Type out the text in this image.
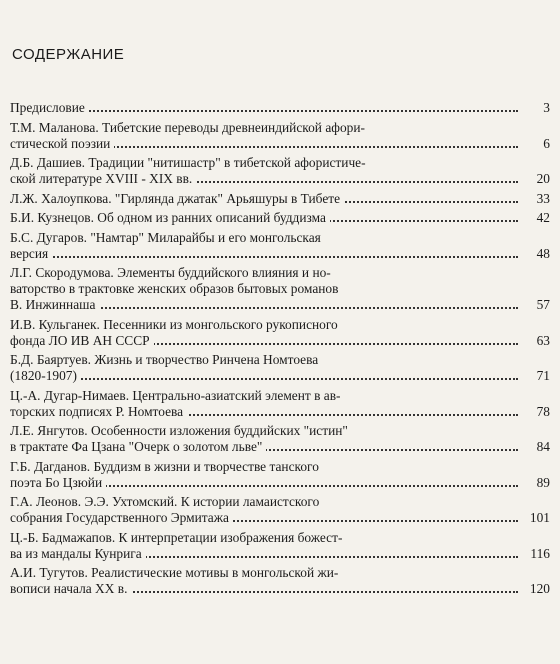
СОДЕРЖАНИЕ
Предисловие	3
Т.М. Маланова. Тибетские переводы древнеиндийской афори-
стической поэзии	6
Д.Б. Дашиев. Традиции "нитишастр" в тибетской афористиче-
ской литературе XVIII - XIX вв.	20
Л.Ж. Халоупкова. "Гирлянда джатак" Арьяшуры в Тибете	33
Б.И. Кузнецов. Об одном из ранних описаний буддизма	42
Б.С. Дугаров. "Намтар" Миларайбы и его монгольская
версия	48
Л.Г. Скородумова. Элементы буддийского влияния и но-
ваторство в трактовке женских образов бытовых романов
В. Инжиннаша	57
И.В. Кульганек. Песенники из монгольского рукописного
фонда ЛО ИВ АН СССР	63
Б.Д. Баяртуев. Жизнь и творчество Ринчена Номтоева
(1820-1907)	71
Ц.-А. Дугар-Нимаев. Центрально-азиатский элемент в ав-
торских подписях Р. Номтоева	78
Л.Е. Янгутов. Особенности изложения буддийских "истин"
в трактате Фа Цзана "Очерк о золотом льве"	84
Г.Б. Дагданов. Буддизм в жизни и творчестве танского
поэта Бо Цзюйи	89
Г.А. Леонов. Э.Э. Ухтомский. К истории ламаистского
собрания Государственного Эрмитажа	101
Ц.-Б. Бадмажапов. К интерпретации изображения божест-
ва из мандалы Кунрига	116
А.И. Тугутов. Реалистические мотивы в монгольской жи-
вописи начала XX в.	120
